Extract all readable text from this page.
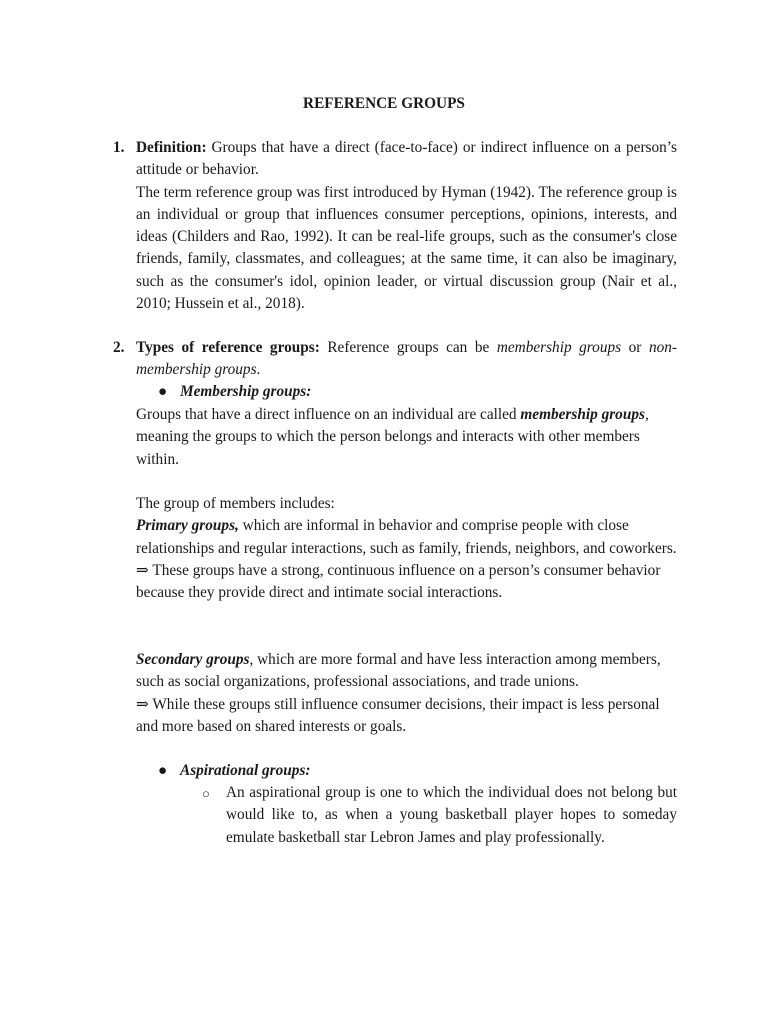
REFERENCE GROUPS
1. Definition: Groups that have a direct (face-to-face) or indirect influence on a person’s attitude or behavior.

The term reference group was first introduced by Hyman (1942). The reference group is an individual or group that influences consumer perceptions, opinions, interests, and ideas (Childers and Rao, 1992). It can be real-life groups, such as the consumer's close friends, family, classmates, and colleagues; at the same time, it can also be imaginary, such as the consumer's idol, opinion leader, or virtual discussion group (Nair et al., 2010; Hussein et al., 2018).

2. Types of reference groups: Reference groups can be membership groups or non-membership groups.

● Membership groups:

Groups that have a direct influence on an individual are called membership groups, meaning the groups to which the person belongs and interacts with other members within.

The group of members includes:

Primary groups, which are informal in behavior and comprise people with close relationships and regular interactions, such as family, friends, neighbors, and coworkers.

⇒ These groups have a strong, continuous influence on a person’s consumer behavior because they provide direct and intimate social interactions.

Secondary groups, which are more formal and have less interaction among members, such as social organizations, professional associations, and trade unions.

⇒ While these groups still influence consumer decisions, their impact is less personal and more based on shared interests or goals.

● Aspirational groups:
○ An aspirational group is one to which the individual does not belong but would like to, as when a young basketball player hopes to someday emulate basketball star Lebron James and play professionally.
